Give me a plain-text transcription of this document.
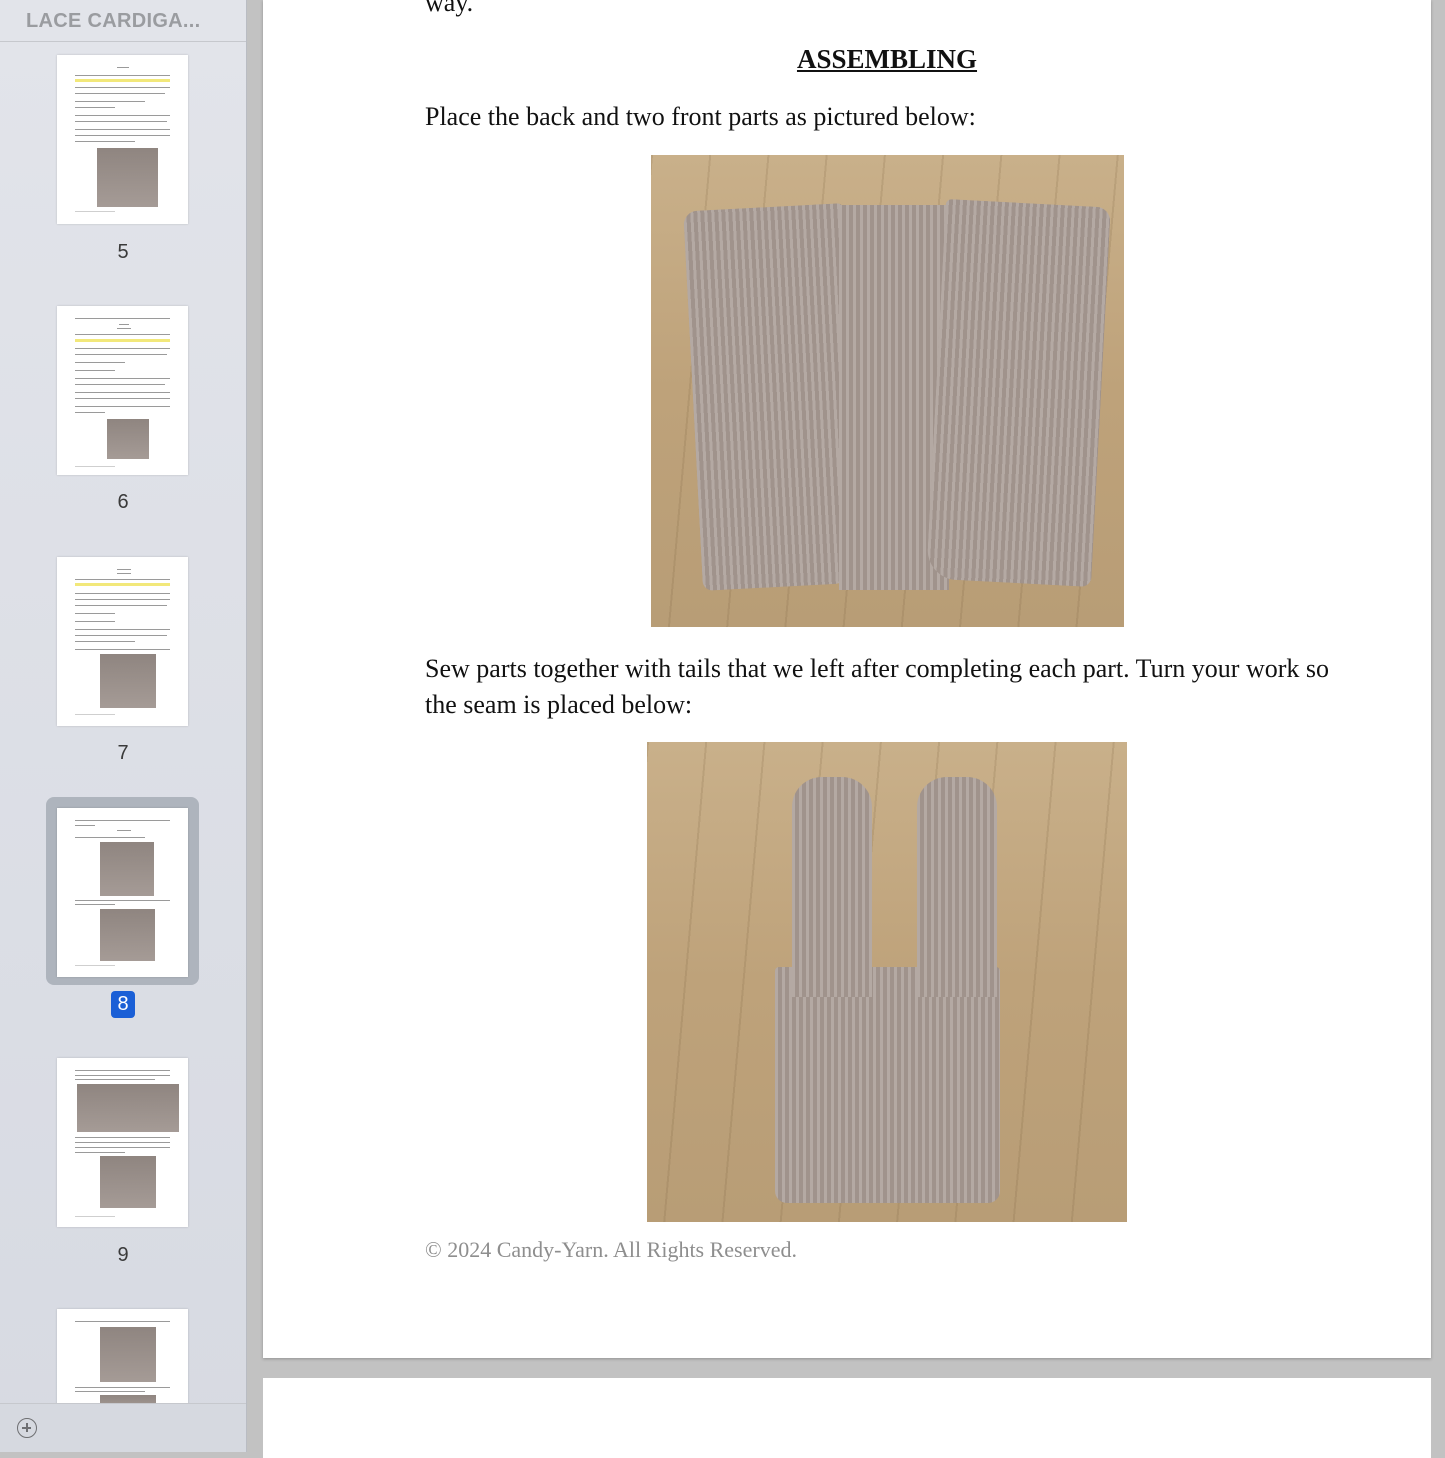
LACE CARDIGA...
5
6
7
8
9
way.
ASSEMBLING
Place the back and two front parts as pictured below:
Sew parts together with tails that we left after completing each part. Turn your work so the seam is placed below:
© 2024 Candy-Yarn. All Rights Reserved.
